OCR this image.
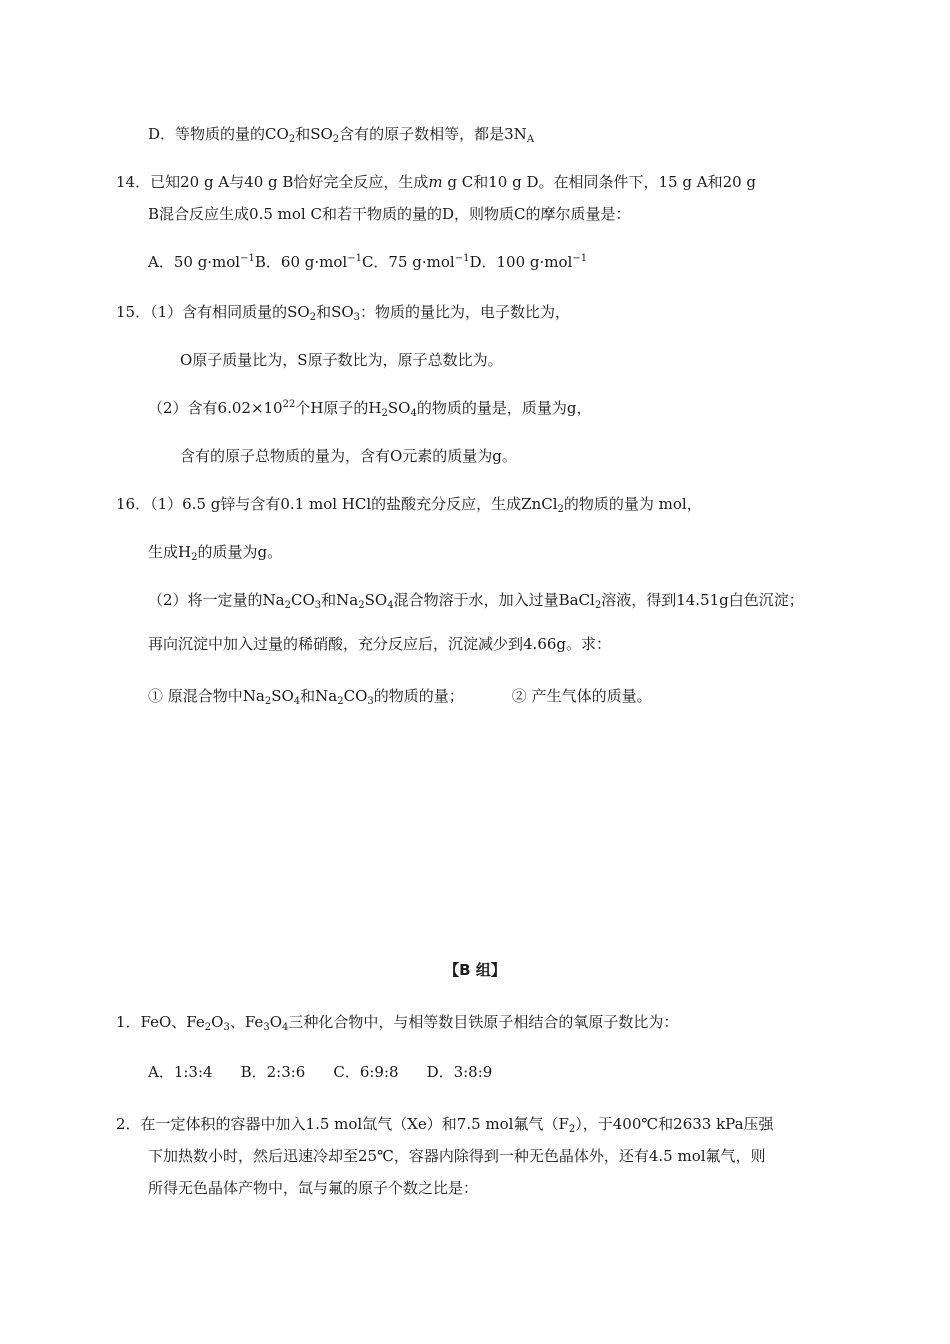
D．等物质的量的$CO_2$和$SO_2$含有的原子数相等，都是$3N_A$
14．已知20 g A与40 g B恰好完全反应，生成m g C和10 g D。在相同条件下，15 g A和20 g
B混合反应生成0.5 mol C和若干物质的量的D，则物质C的摩尔质量是：
A．50 g·mol$^{-1}$B．60 g·mol$^{-1}$C．75 g·mol$^{-1}$D．100 g·mol$^{-1}$
15．（1）含有相同质量的$SO_2$和$SO_3$：物质的量比为，电子数比为，
O原子质量比为，S原子数比为，原子总数比为。
（2）含有$6.02\times 10^{22}$个H原子的$H_2SO_4$的物质的量是，质量为g，
含有的原子总物质的量为，含有O元素的质量为g。
16．（1）6.5 g锌与含有0.1 mol HCl的盐酸充分反应，生成ZnCl$_2$的物质的量为 mol，
生成$H_2$的质量为g。
（2）将一定量的$Na_2CO_3$和$Na_2SO_4$混合物溶于水，加入过量BaCl$_2$溶液，得到14.51g白色沉淀；
再向沉淀中加入过量的稀硝酸，充分反应后，沉淀减少到4.66g。求：
① 原混合物中$Na_2SO_4$和$Na_2CO_3$的物质的量；	② 产生气体的质量。
【B 组】
1．FeO、$Fe_2O_3$、$Fe_3O_4$三种化合物中，与相等数目铁原子相结合的氧原子数比为：
A．1:3:4 B．2:3:6 C．6:9:8 D．3:8:9
2．在一定体积的容器中加入1.5 mol氙气（Xe）和7.5 mol氟气$(F_2)$，于400℃和2633 kPa压强
下加热数小时，然后迅速冷却至25℃，容器内除得到一种无色晶体外，还有4.5 mol氟气，则
所得无色晶体产物中，氙与氟的原子个数之比是：
